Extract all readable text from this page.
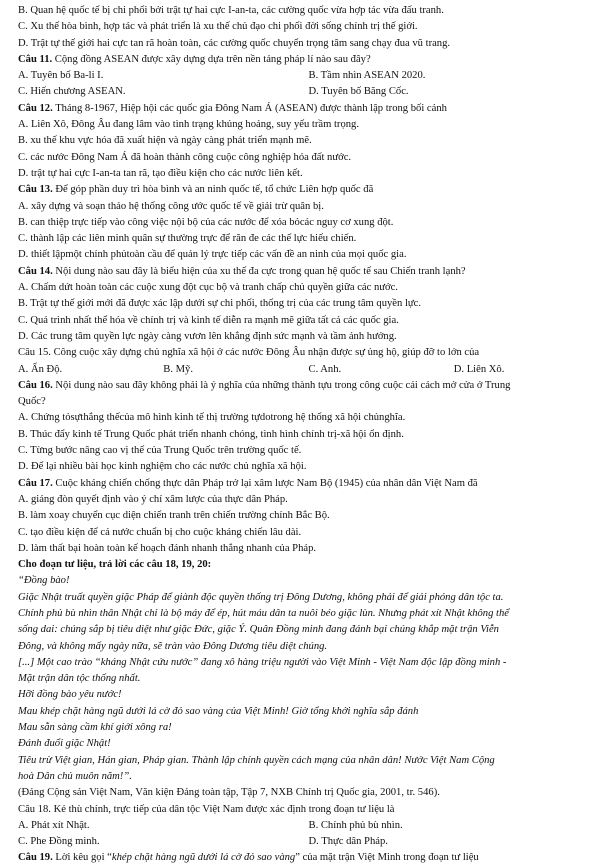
B. Quan hệ quốc tế bị chi phối bởi trật tự hai cực I-an-ta, các cường quốc vừa hợp tác vừa đấu tranh.
C. Xu thế hòa bình, hợp tác và phát triển là xu thế chủ đạo chi phối đời sống chính trị thế giới.
D. Trật tự thế giới hai cực tan rã hoàn toàn, các cường quốc chuyển trọng tâm sang chạy đua vũ trang.
Câu 11. Cộng đồng ASEAN được xây dựng dựa trên nền tảng pháp lí nào sau đây?
A. Tuyên bố Ba-li I.	B. Tầm nhìn ASEAN 2020.
C. Hiến chương ASEAN.	D. Tuyên bố Băng Cốc.
Câu 12. Tháng 8-1967, Hiệp hội các quốc gia Đông Nam Á (ASEAN) được thành lập trong bối cảnh
A. Liên Xô, Đông Âu đang lâm vào tình trạng khủng hoảng, suy yếu trầm trọng.
B. xu thế khu vực hóa đã xuất hiện và ngày càng phát triển mạnh mẽ.
C. các nước Đông Nam Á đã hoàn thành công cuộc công nghiệp hóa đất nước.
D. trật tự hai cực I-an-ta tan rã, tạo điều kiện cho các nước liên kết.
Câu 13. Để góp phần duy trì hòa bình và an ninh quốc tế, tổ chức Liên hợp quốc đã
A. xây dựng và soạn thảo hệ thống công ước quốc tế về giải trừ quân bị.
B. can thiệp trực tiếp vào công việc nội bộ của các nước để xóa bỏcác nguy cơ xung đột.
C. thành lập các liên minh quân sự thường trực để răn đe các thế lực hiếu chiến.
D. thiết lậpmột chính phủtoàn cầu để quản lý trực tiếp các vấn đề an ninh của mọi quốc gia.
Câu 14. Nội dung nào sau đây là biểu hiện của xu thế đa cực trong quan hệ quốc tế sau Chiến tranh lạnh?
A. Chấm dứt hoàn toàn các cuộc xung đột cục bộ và tranh chấp chủ quyền giữa các nước.
B. Trật tự thế giới mới đã được xác lập dưới sự chi phối, thống trị của các trung tâm quyền lực.
C. Quá trình nhất thể hóa về chính trị và kinh tế diễn ra mạnh mẽ giữa tất cả các quốc gia.
D. Các trung tâm quyền lực ngày càng vươn lên khẳng định sức mạnh và tầm ảnh hưởng.
Câu 15. Công cuộc xây dựng chủ nghĩa xã hội ở các nước Đông Âu nhận được sự ủng hộ, giúp đỡ to lớn của
A. Ấn Độ.	B. Mỹ.	C. Anh.	D. Liên Xô.
Câu 16. Nội dung nào sau đây không phải là ý nghĩa của những thành tựu trong công cuộc cải cách mở cửa ở Trung
Quốc?
A. Chứng tỏsựthắng thếcủa mô hình kinh tế thị trường tựdotrong hệ thống xã hội chủnghĩa.
B. Thúc đẩy kinh tế Trung Quốc phát triển nhanh chóng, tình hình chính trị-xã hội ổn định.
C. Từng bước nâng cao vị thế của Trung Quốc trên trường quốc tế.
D. Để lại nhiều bài học kinh nghiệm cho các nước chủ nghĩa xã hội.
Câu 17. Cuộc kháng chiến chống thực dân Pháp trở lại xâm lược Nam Bộ (1945) của nhân dân Việt Nam đã
A. giáng đòn quyết định vào ý chí xâm lược của thực dân Pháp.
B. làm xoay chuyển cục diện chiến tranh trên chiến trường chính Bắc Bộ.
C. tạo điều kiện để cả nước chuẩn bị cho cuộc kháng chiến lâu dài.
D. làm thất bại hoàn toàn kế hoạch đánh nhanh thắng nhanh của Pháp.
Cho đoạn tư liệu, trả lời các câu 18, 19, 20:
“Đồng bào!
Giặc Nhật truất quyền giặc Pháp để giành độc quyền thống trị Đông Dương, không phải để giải phóng dân tộc ta.
Chính phủ bù nhìn thân Nhật chỉ là bộ máy để ép, hút máu dân ta nuôi béo giặc lùn. Nhưng phát xít Nhật không thể
sống dai: chúng sắp bị tiêu diệt như giặc Đức, giặc Ý. Quân Đồng minh đang đánh bại chúng khắp mặt trận Viễn
Đông, và không mấy ngày nữa, sẽ tràn vào Đông Dương tiêu diệt chúng.
[...] Một cao trào “kháng Nhật cứu nước” đang xô hàng triệu người vào Việt Minh - Việt Nam độc lập đồng minh -
Mặt trận dân tộc thống nhất.
Hỡi đồng bào yêu nước!
Mau khép chặt hàng ngũ dưới lá cờ đỏ sao vàng của Việt Minh! Giờ tổng khởi nghĩa sắp đánh
Mau sẵn sàng cầm khí giới xông ra!
Đánh đuổi giặc Nhật!
Tiêu trừ Việt gian, Hán gian, Pháp gian. Thành lập chính quyền cách mạng của nhân dân! Nước Việt Nam Cộng
hoà Dân chủ muôn năm!”.
(Đảng Cộng sản Việt Nam, Văn kiện Đảng toàn tập, Tập 7, NXB Chính trị Quốc gia, 2001, tr. 546).
Câu 18. Kẻ thù chính, trực tiếp của dân tộc Việt Nam được xác định trong đoạn tư liệu là
A. Phát xít Nhật.	B. Chính phủ bù nhìn.
C. Phe Đồng minh.	D. Thực dân Pháp.
Câu 19. Lời kêu gọi “khép chặt hàng ngũ dưới lá cờ đỏ sao vàng” của mặt trận Việt Minh trong đoạn tư liệu
